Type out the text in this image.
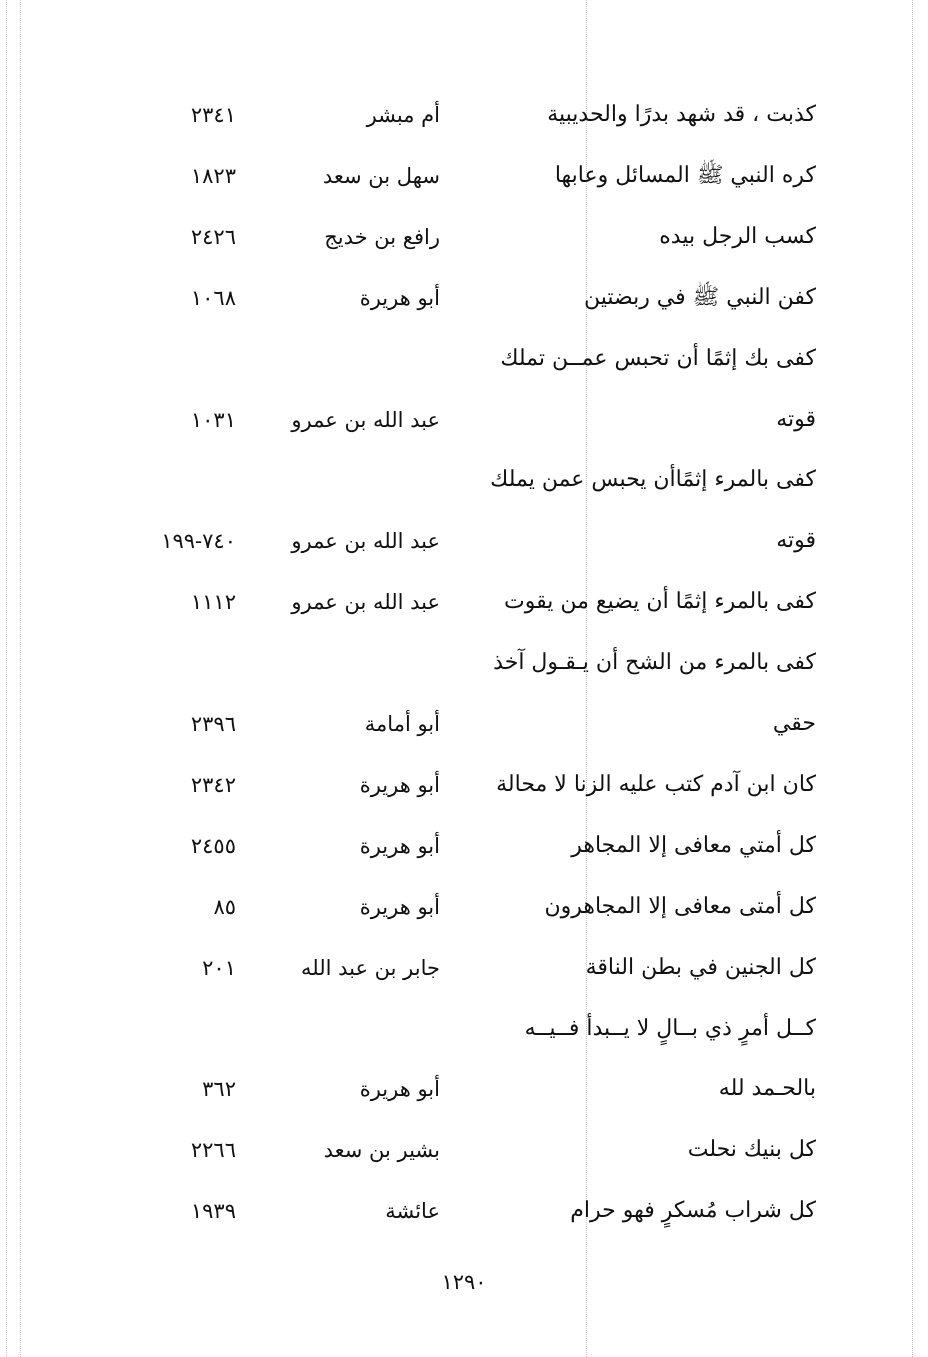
كذبت ، قد شهد بدرًا والحديبية
أم مبشر
٢٣٤١
كره النبي ﷺ المسائل وعابها
سهل بن سعد
١٨٢٣
كسب الرجل بيده
رافع بن خديج
٢٤٢٦
كفن النبي ﷺ في ربضتين
أبو هريرة
١٠٦٨
كفى بك إثمًا أن تحبس عمــن تملك
قوته
عبد الله بن عمرو
١٠٣١
كفى بالمرء إثمًاأن يحبس عمن يملك
قوته
عبد الله بن عمرو
٧٤٠-١٩٩
كفى بالمرء إثمًا أن يضيع من يقوت
عبد الله بن عمرو
١١١٢
كفى بالمرء من الشح أن يـقـول آخذ
حقي
أبو أمامة
٢٣٩٦
كان ابن آدم كتب عليه الزنا لا محالة
أبو هريرة
٢٣٤٢
كل أمتي معافى إلا المجاهر
أبو هريرة
٢٤٥٥
كل أمتى معافى إلا المجاهرون
أبو هريرة
٨٥
كل الجنين في بطن الناقة
جابر بن عبد الله
٢٠١
كــل أمرٍ ذي بــالٍ لا يــبدأ فــيــه
بالحـمد لله
أبو هريرة
٣٦٢
كل بنيك نحلت
بشير بن سعد
٢٢٦٦
كل شراب مُسكرٍ فهو حرام
عائشة
١٩٣٩
١٢٩٠
